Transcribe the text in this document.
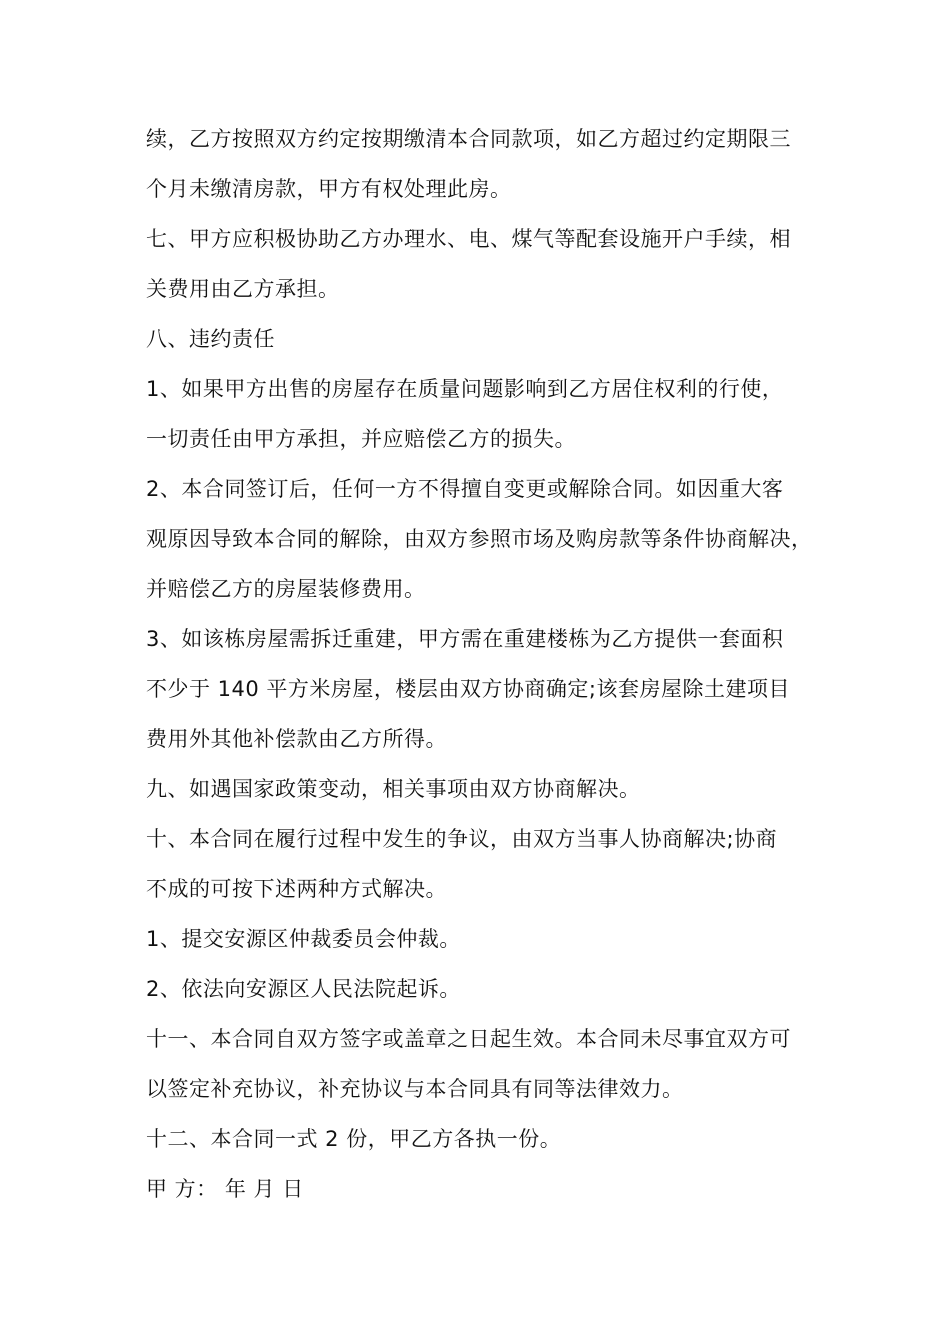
续，乙方按照双方约定按期缴清本合同款项，如乙方超过约定期限三
个月未缴清房款，甲方有权处理此房。
七、甲方应积极协助乙方办理水、电、煤气等配套设施开户手续，相
关费用由乙方承担。
八、违约责任
1、如果甲方出售的房屋存在质量问题影响到乙方居住权利的行使，
一切责任由甲方承担，并应赔偿乙方的损失。
2、本合同签订后，任何一方不得擅自变更或解除合同。如因重大客
观原因导致本合同的解除，由双方参照市场及购房款等条件协商解决，
并赔偿乙方的房屋装修费用。
3、如该栋房屋需拆迁重建，甲方需在重建楼栋为乙方提供一套面积
不少于 140 平方米房屋，楼层由双方协商确定;该套房屋除土建项目
费用外其他补偿款由乙方所得。
九、如遇国家政策变动，相关事项由双方协商解决。
十、本合同在履行过程中发生的争议，由双方当事人协商解决;协商
不成的可按下述两种方式解决。
1、提交安源区仲裁委员会仲裁。
2、依法向安源区人民法院起诉。
十一、本合同自双方签字或盖章之日起生效。本合同未尽事宜双方可
以签定补充协议，补充协议与本合同具有同等法律效力。
十二、本合同一式 2 份，甲乙方各执一份。
甲 方： 年 月 日
